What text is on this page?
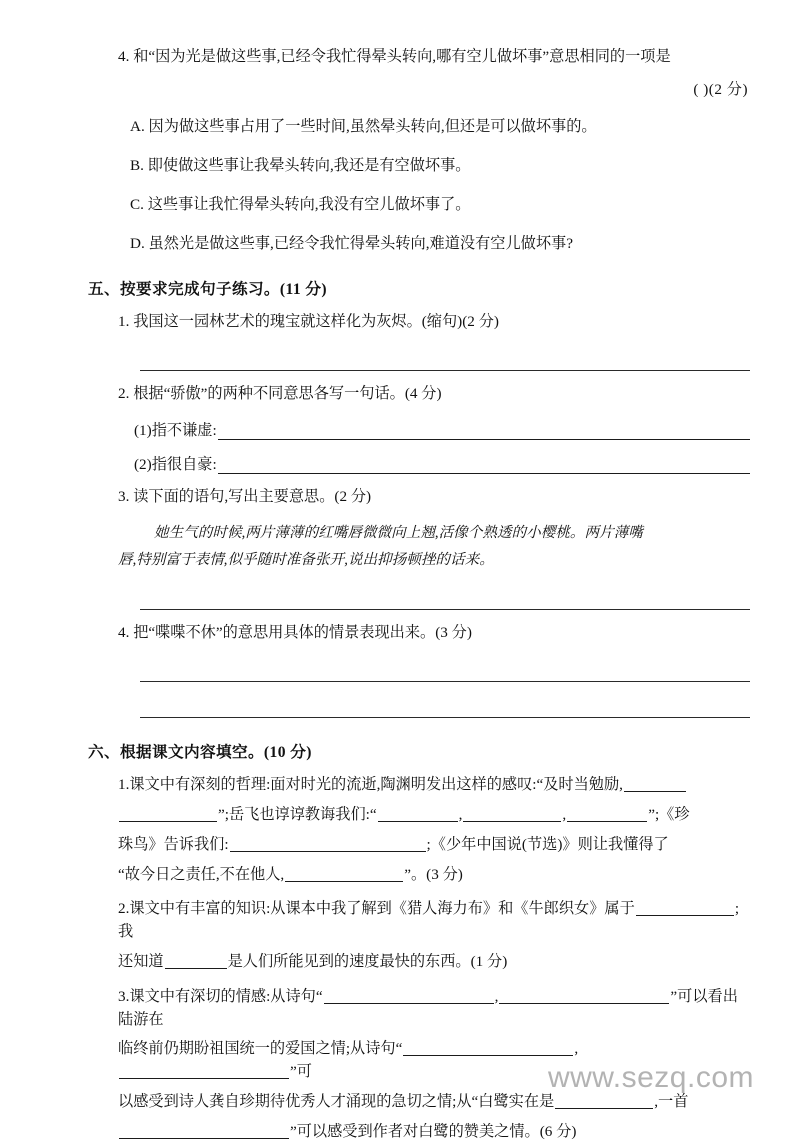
4. 和“因为光是做这些事,已经令我忙得晕头转向,哪有空儿做坏事”意思相同的一项是
( )(2 分)
A. 因为做这些事占用了一些时间,虽然晕头转向,但还是可以做坏事的。
B. 即使做这些事让我晕头转向,我还是有空做坏事。
C. 这些事让我忙得晕头转向,我没有空儿做坏事了。
D. 虽然光是做这些事,已经令我忙得晕头转向,难道没有空儿做坏事?
五、按要求完成句子练习。(11 分)
1. 我国这一园林艺术的瑰宝就这样化为灰烬。(缩句)(2 分)
2. 根据“骄傲”的两种不同意思各写一句话。(4 分)
(1)指不谦虚:
(2)指很自豪:
3. 读下面的语句,写出主要意思。(2 分)
她生气的时候,两片薄薄的红嘴唇微微向上翘,活像个熟透的小樱桃。两片薄嘴
唇,特别富于表情,似乎随时准备张开,说出抑扬顿挫的话来。
4. 把“喋喋不休”的意思用具体的情景表现出来。(3 分)
六、根据课文内容填空。(10 分)
1.课文中有深刻的哲理:面对时光的流逝,陶渊明发出这样的感叹:“及时当勉励,
”;岳飞也谆谆教诲我们:“	,	,	”;《珍
珠鸟》告诉我们:	;《少年中国说(节选)》则让我懂得了
“故今日之责任,不在他人,	”。(3 分)
2.课文中有丰富的知识:从课本中我了解到《猎人海力布》和《牛郎织女》属于	;我
还知道	是人们所能见到的速度最快的东西。(1 分)
3.课文中有深切的情感:从诗句“	,	”可以看出陆游在
临终前仍期盼祖国统一的爱国之情;从诗句“	,”可
以感受到诗人龚自珍期待优秀人才涌现的急切之情;从“白鹭实在是	,一首
”可以感受到作者对白鹭的赞美之情。(6 分)
www.sezq.com
